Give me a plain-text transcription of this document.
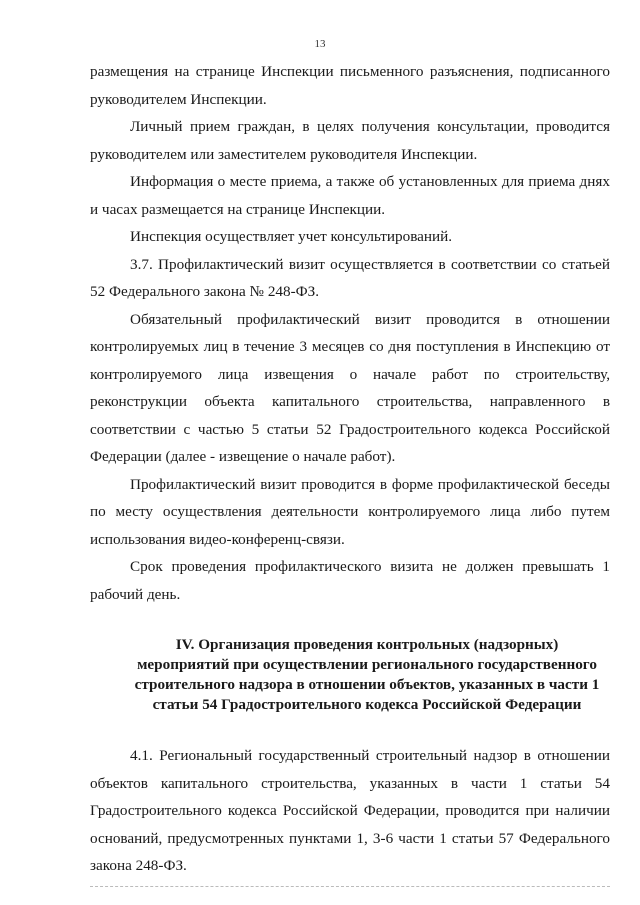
13

размещения на странице Инспекции письменного разъяснения, подписанного руководителем Инспекции.

Личный прием граждан, в целях получения консультации, проводится руководителем или заместителем руководителя Инспекции.

Информация о месте приема, а также об установленных для приема днях и часах размещается на странице Инспекции.

Инспекция осуществляет учет консультирований.

3.7. Профилактический визит осуществляется в соответствии со статьей 52 Федерального закона № 248-ФЗ.

Обязательный профилактический визит проводится в отношении контролируемых лиц в течение 3 месяцев со дня поступления в Инспекцию от контролируемого лица извещения о начале работ по строительству, реконструкции объекта капитального строительства, направленного в соответствии с частью 5 статьи 52 Градостроительного кодекса Российской Федерации (далее - извещение о начале работ).

Профилактический визит проводится в форме профилактической беседы по месту осуществления деятельности контролируемого лица либо путем использования видео-конференц-связи.

Срок проведения профилактического визита не должен превышать 1 рабочий день.

IV. Организация проведения контрольных (надзорных)
мероприятий при осуществлении регионального государственного
строительного надзора в отношении объектов, указанных в части 1
статьи 54 Градостроительного кодекса Российской Федерации

4.1. Региональный государственный строительный надзор в отношении объектов капитального строительства, указанных в части 1 статьи 54 Градостроительного кодекса Российской Федерации, проводится при наличии оснований, предусмотренных пунктами 1, 3-6 части 1 статьи 57 Федерального закона 248-ФЗ.
